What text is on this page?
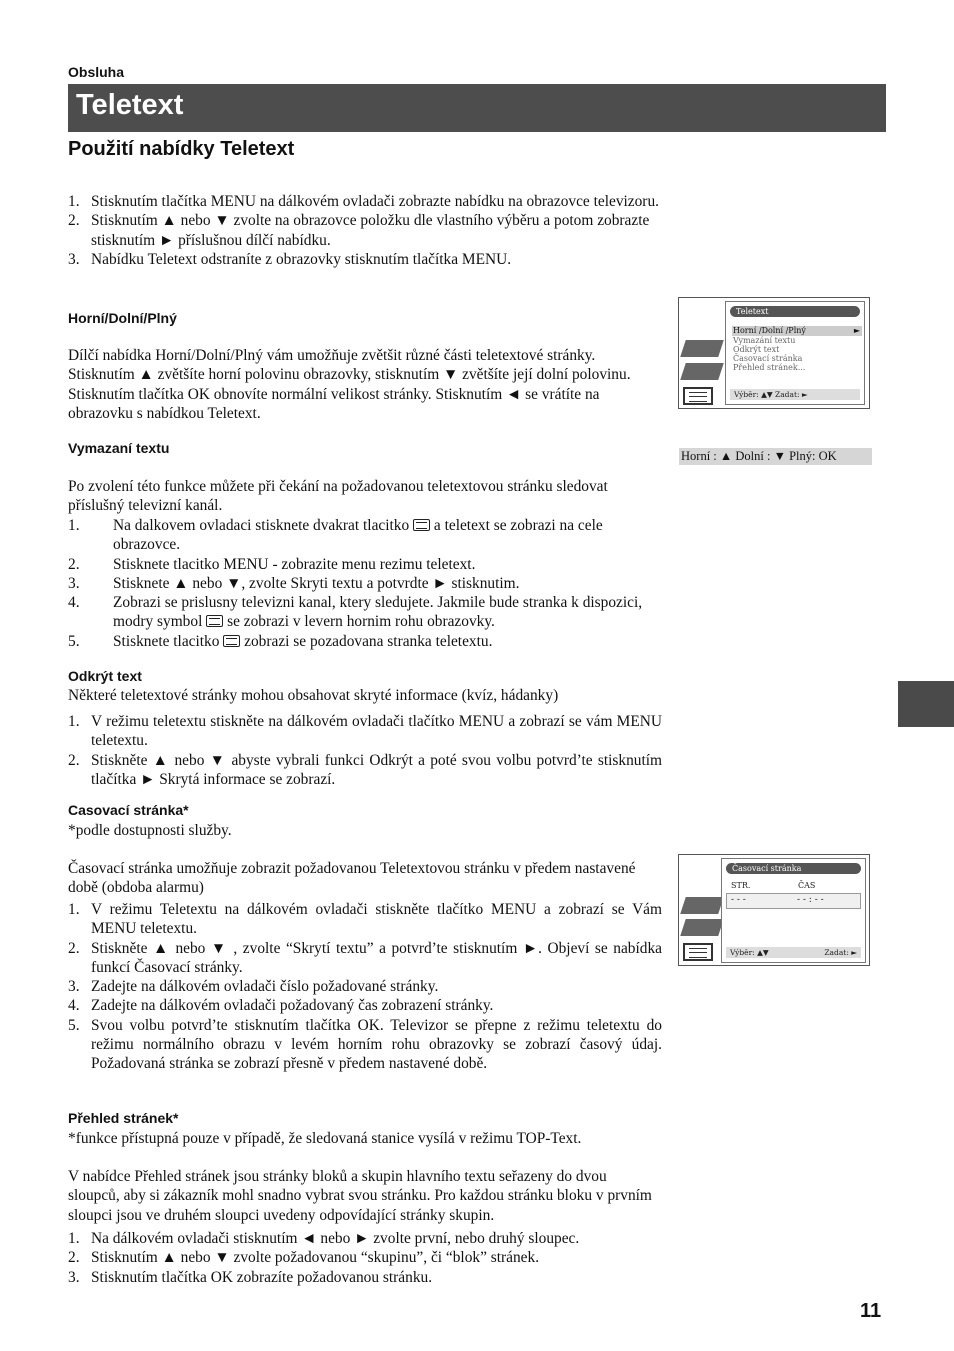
Obsluha
Teletext
Použití nabídky Teletext
1. Stisknutím tlačítka MENU na dálkovém ovladači zobrazte nabídku na obrazovce televizoru.
2. Stisknutím ▲ nebo ▼ zvolte na obrazovce položku dle vlastního výběru a potom zobrazte stisknutím ► příslušnou dílčí nabídku.
3. Nabídku Teletext odstraníte z obrazovky stisknutím tlačítka MENU.
Horní/Dolní/Plný
Dílčí nabídka Horní/Dolní/Plný vám umožňuje zvětšit různé části teletextové stránky. Stisknutím ▲ zvětšíte horní polovinu obrazovky, stisknutím ▼ zvětšíte její dolní polovinu. Stisknutím tlačítka OK obnovíte normální velikost stránky. Stisknutím ◄ se vrátíte na obrazovku s nabídkou Teletext.
Vymazaní textu
Po zvolení této funkce můžete při čekání na požadovanou teletextovou stránku sledovat příslušný televizní kanál.
1. Na dalkovem ovladaci stisknete dvakrat tlacitko a teletext se zobrazi na cele obrazovce.
2. Stisknete tlacitko MENU - zobrazite menu rezimu teletext.
3. Stisknete ▲ nebo ▼, zvolte Skryti textu a potvrdte ► stisknutim.
4. Zobrazi se prislusny televizni kanal, ktery sledujete. Jakmile bude stranka k dispozici, modry symbol se zobrazi v levern hornim rohu obrazovky.
5. Stisknete tlacitko zobrazi se pozadovana stranka teletextu.
Odkrýt text
Některé teletextové stránky mohou obsahovat skryté informace (kvíz, hádanky)
1. V režimu teletextu stiskněte na dálkovém ovladači tlačítko MENU a zobrazí se vám MENU teletextu.
2. Stiskněte ▲ nebo ▼ abyste vybrali funkci Odkrýt a poté svou volbu potvrd’te stisknutím tlačítka ► Skrytá informace se zobrazí.
Casovací stránka*
*podle dostupnosti služby.
Časovací stránka umožňuje zobrazit požadovanou Teletextovou stránku v předem nastavené době (obdoba alarmu)
1. V režimu Teletextu na dálkovém ovladači stiskněte tlačítko MENU a zobrazí se Vám MENU teletextu.
2. Stiskněte ▲ nebo ▼ , zvolte “Skrytí textu” a potvrd’te stisknutím ►. Objeví se nabídka funkcí Časovací stránky.
3. Zadejte na dálkovém ovladači číslo požadované stránky.
4. Zadejte na dálkovém ovladači požadovaný čas zobrazení stránky.
5. Svou volbu potvrd’te stisknutím tlačítka OK. Televizor se přepne z režimu teletextu do režimu normálního obrazu v levém horním rohu obrazovky se zobrazí časový údaj. Požadovaná stránka se zobrazí přesně v předem nastavené době.
Přehled stránek*
*funkce přístupná pouze v případě, že sledovaná stanice vysílá v režimu TOP-Text.
V nabídce Přehled stránek jsou stránky bloků a skupin hlavního textu seřazeny do dvou sloupců, aby si zákazník mohl snadno vybrat svou stránku. Pro každou stránku bloku v prvním sloupci jsou ve druhém sloupci uvedeny odpovídající stránky skupin.
1. Na dálkovém ovladači stisknutím ◄ nebo ► zvolte první, nebo druhý sloupec.
2. Stisknutím ▲ nebo ▼ zvolte požadovanou “skupinu”, či “blok” stránek.
3. Stisknutím tlačítka OK zobrazíte požadovanou stránku.
Teletext
Horní /Dolní /Plný	►
Vymazání textu
Odkrýt text
Časovací stránka
Přehled stránek...
Výběr: ▲▼ Zadat: ►
Horní : ▲ Dolní : ▼ Plný: OK
Časovací stránka
STR.	ČAS
- - -	- - : - -
Výběr: ▲▼	Zadat: ►
11
